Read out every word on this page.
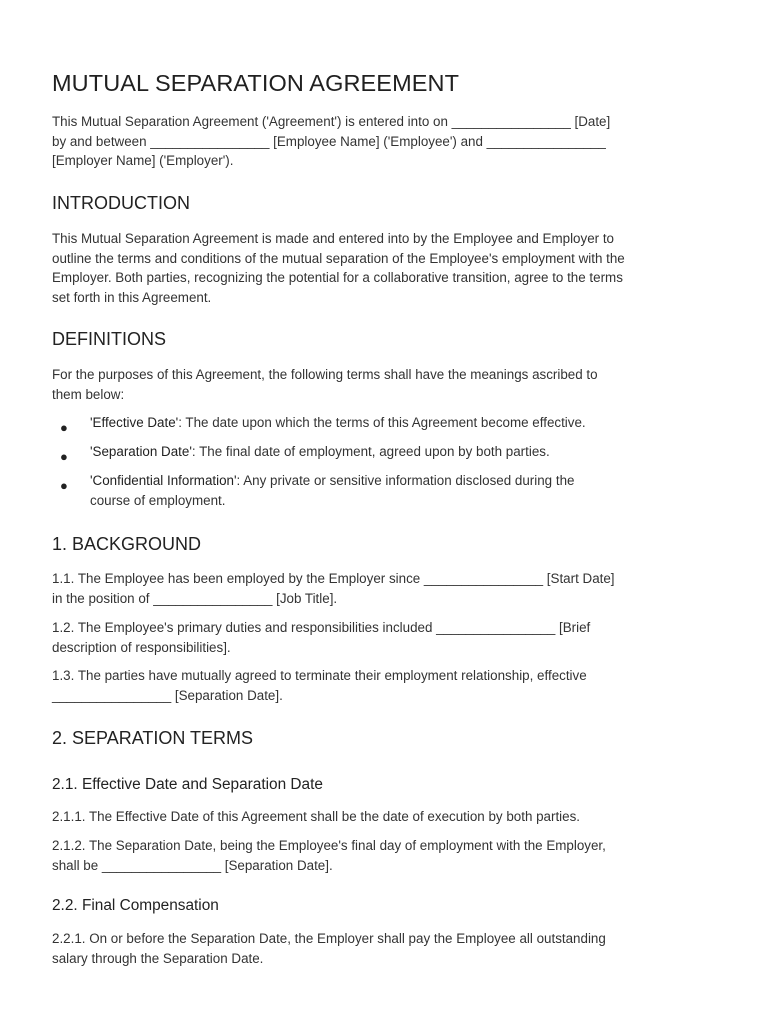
MUTUAL SEPARATION AGREEMENT

This Mutual Separation Agreement ('Agreement') is entered into on ________________ [Date]
by and between ________________ [Employee Name] ('Employee') and ________________
[Employer Name] ('Employer').

INTRODUCTION

This Mutual Separation Agreement is made and entered into by the Employee and Employer to
outline the terms and conditions of the mutual separation of the Employee's employment with the
Employer. Both parties, recognizing the potential for a collaborative transition, agree to the terms
set forth in this Agreement.

DEFINITIONS

For the purposes of this Agreement, the following terms shall have the meanings ascribed to
them below:

● 'Effective Date': The date upon which the terms of this Agreement become effective.
● 'Separation Date': The final date of employment, agreed upon by both parties.
● 'Confidential Information': Any private or sensitive information disclosed during the
course of employment.
1. BACKGROUND

1.1. The Employee has been employed by the Employer since ________________ [Start Date]
in the position of ________________ [Job Title].

1.2. The Employee's primary duties and responsibilities included ________________ [Brief
description of responsibilities].

1.3. The parties have mutually agreed to terminate their employment relationship, effective
________________ [Separation Date].

2. SEPARATION TERMS
2.1. Effective Date and Separation Date

2.1.1. The Effective Date of this Agreement shall be the date of execution by both parties.

2.1.2. The Separation Date, being the Employee's final day of employment with the Employer,
shall be ________________ [Separation Date].

2.2. Final Compensation

2.2.1. On or before the Separation Date, the Employer shall pay the Employee all outstanding
salary through the Separation Date.
